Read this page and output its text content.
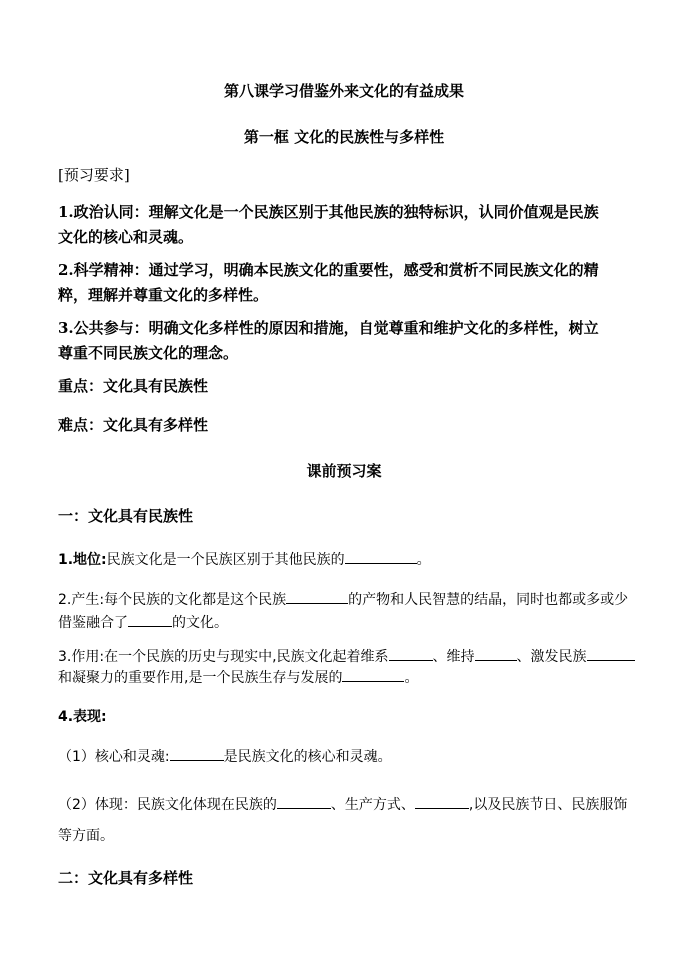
第八课学习借鉴外来文化的有益成果
第一框 文化的民族性与多样性
[预习要求]
1.政治认同：理解文化是一个民族区别于其他民族的独特标识，认同价值观是民族
文化的核心和灵魂。
2.科学精神：通过学习，明确本民族文化的重要性，感受和赏析不同民族文化的精
粹，理解并尊重文化的多样性。
3.公共参与：明确文化多样性的原因和措施，自觉尊重和维护文化的多样性，树立
尊重不同民族文化的理念。
重点：文化具有民族性
难点：文化具有多样性
课前预习案
一：文化具有民族性
1.地位:民族文化是一个民族区别于其他民族的	。
2.产生:每个民族的文化都是这个民族	的产物和人民智慧的结晶，同时也都或多或少
借鉴融合了	的文化。
3.作用:在一个民族的历史与现实中,民族文化起着维系	、维持	、激发民族
和凝聚力的重要作用,是一个民族生存与发展的	。
4.表现:
（1）核心和灵魂:	是民族文化的核心和灵魂。
（2）体现：民族文化体现在民族的	、生产方式、	,以及民族节日、民族服饰
等方面。
二：文化具有多样性
